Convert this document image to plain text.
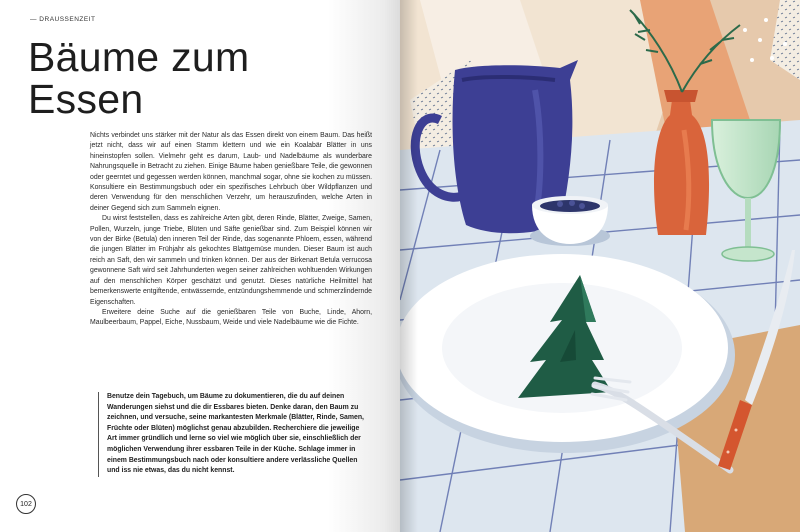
— DRAUSSENZEIT
Bäume zum
Essen

Nichts verbindet uns stärker mit der Natur als das Essen direkt von einem Baum. Das heißt jetzt nicht, dass wir auf einen Stamm klettern und wie ein Koalabär Blätter in uns hineinstopfen sollen. Vielmehr geht es darum, Laub- und Nadelbäume als wunderbare Nahrungsquelle in Betracht zu ziehen. Einige Bäume haben genießbare Teile, die gewonnen oder geerntet und gegessen werden können, manchmal sogar, ohne sie kochen zu müssen. Konsultiere ein Bestimmungsbuch oder ein spezifisches Lehrbuch über Wildpflanzen und deren Verwendung für den menschlichen Verzehr, um herauszufinden, welche Arten in deiner Gegend sich zum Sammeln eignen.

Du wirst feststellen, dass es zahlreiche Arten gibt, deren Rinde, Blätter, Zweige, Samen, Pollen, Wurzeln, junge Triebe, Blüten und Säfte genießbar sind. Zum Beispiel können wir von der Birke (Betula) den inneren Teil der Rinde, das sogenannte Phloem, essen, während die jungen Blätter im Frühjahr als gekochtes Blattgemüse munden. Dieser Baum ist auch reich an Saft, den wir sammeln und trinken können. Der aus der Birkenart Betula verrucosa gewonnene Saft wird seit Jahrhunderten wegen seiner zahlreichen wohltuenden Wirkungen auf den menschlichen Körper geschätzt und genutzt. Dieses natürliche Heilmittel hat bemerkenswerte entgiftende, entwässernde, entzündungshemmende und schmerzlindernde Eigenschaften.

Erweitere deine Suche auf die genießbaren Teile von Buche, Linde, Ahorn, Maulbeerbaum, Pappel, Eiche, Nussbaum, Weide und viele Nadelbäume wie die Fichte.

Benutze dein Tagebuch, um Bäume zu dokumentieren, die du auf deinen Wanderungen siehst und die dir Essbares bieten. Denke daran, den Baum zu zeichnen, und versuche, seine markantesten Merkmale (Blätter, Rinde, Samen, Früchte oder Blüten) möglichst genau abzubilden. Recherchiere die jeweilige Art immer gründlich und lerne so viel wie möglich über sie, einschließlich der möglichen Verwendung ihrer essbaren Teile in der Küche. Schlage immer in einem Bestimmungsbuch nach oder konsultiere andere verlässliche Quellen und iss nie etwas, das du nicht kennst.
102
